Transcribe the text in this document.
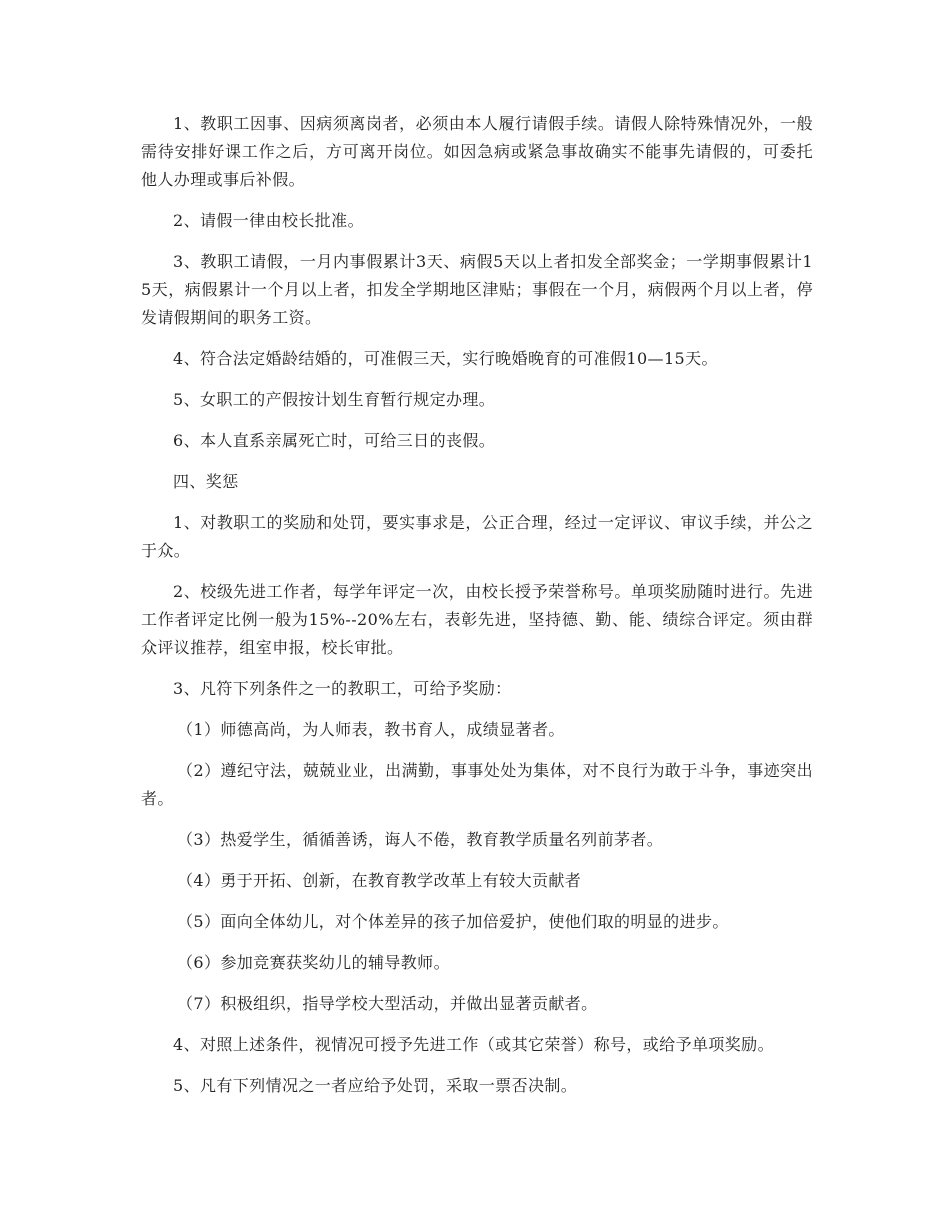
1、教职工因事、因病须离岗者，必须由本人履行请假手续。请假人除特殊情况外，一般需待安排好课工作之后，方可离开岗位。如因急病或紧急事故确实不能事先请假的，可委托他人办理或事后补假。

2、请假一律由校长批准。

3、教职工请假，一月内事假累计3天、病假5天以上者扣发全部奖金；一学期事假累计15天，病假累计一个月以上者，扣发全学期地区津贴；事假在一个月，病假两个月以上者，停发请假期间的职务工资。

4、符合法定婚龄结婚的，可准假三天，实行晚婚晚育的可准假10—15天。

5、女职工的产假按计划生育暂行规定办理。

6、本人直系亲属死亡时，可给三日的丧假。

四、奖惩

1、对教职工的奖励和处罚，要实事求是，公正合理，经过一定评议、审议手续，并公之于众。

2、校级先进工作者，每学年评定一次，由校长授予荣誉称号。单项奖励随时进行。先进工作者评定比例一般为15%--20%左右，表彰先进，坚持德、勤、能、绩综合评定。须由群众评议推荐，组室申报，校长审批。

3、凡符下列条件之一的教职工，可给予奖励：

（1）师德高尚，为人师表，教书育人，成绩显著者。

（2）遵纪守法，兢兢业业，出满勤，事事处处为集体，对不良行为敢于斗争，事迹突出者。

（3）热爱学生，循循善诱，诲人不倦，教育教学质量名列前茅者。

（4）勇于开拓、创新，在教育教学改革上有较大贡献者

（5）面向全体幼儿，对个体差异的孩子加倍爱护，使他们取的明显的进步。

（6）参加竞赛获奖幼儿的辅导教师。

（7）积极组织，指导学校大型活动，并做出显著贡献者。

4、对照上述条件，视情况可授予先进工作（或其它荣誉）称号，或给予单项奖励。

5、凡有下列情况之一者应给予处罚，采取一票否决制。
